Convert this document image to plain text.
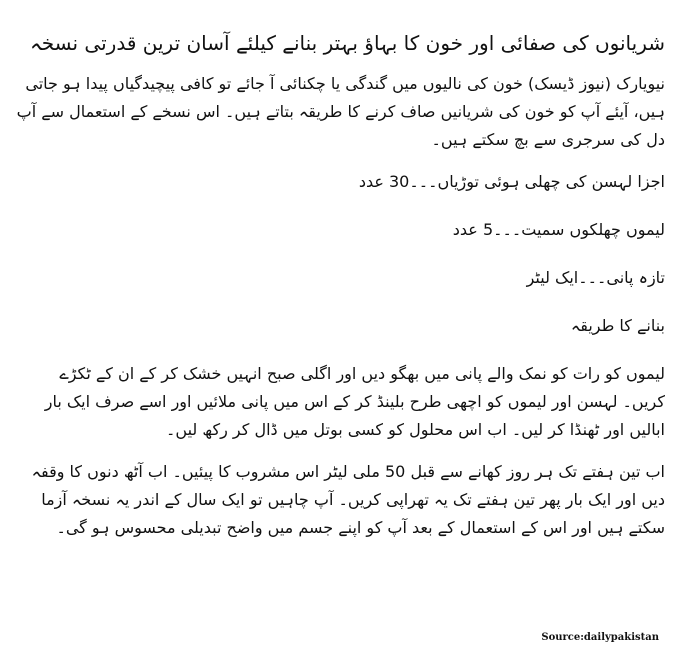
شریانوں کی صفائی اور خون کا بہاؤ بہتر بنانے کیلئے آسان ترین قدرتی نسخہ

نیویارک (نیوز ڈیسک) خون کی نالیوں میں گندگی یا چکنائی آ جائے تو کافی پیچیدگیاں پیدا ہو جاتی ہیں، آیئے آپ کو خون کی شریانیں صاف کرنے کا طریقہ بتاتے ہیں۔ اس نسخے کے استعمال سے آپ دل کی سرجری سے بچ سکتے ہیں۔

اجزا لہسن کی چھلی ہوئی توڑیاں۔۔۔30 عدد

لیموں چھلکوں سمیت۔۔۔5 عدد

تازہ پانی۔۔۔ایک لیٹر

بنانے کا طریقہ

لیموں کو رات کو نمک والے پانی میں بھگو دیں اور اگلی صبح انہیں خشک کر کے ان کے ٹکڑے کریں۔ لہسن اور لیموں کو اچھی طرح بلینڈ کر کے اس میں پانی ملائیں اور اسے صرف ایک بار ابالیں اور ٹھنڈا کر لیں۔ اب اس محلول کو کسی بوتل میں ڈال کر رکھ لیں۔

اب تین ہفتے تک ہر روز کھانے سے قبل 50 ملی لیٹر اس مشروب کا پیئیں۔ اب آٹھ دنوں کا وقفہ دیں اور ایک بار پھر تین ہفتے تک یہ تھراپی کریں۔ آپ چاہیں تو ایک سال کے اندر یہ نسخہ آزما سکتے ہیں اور اس کے استعمال کے بعد آپ کو اپنے جسم میں واضح تبدیلی محسوس ہو گی۔

Source:dailypakistan
